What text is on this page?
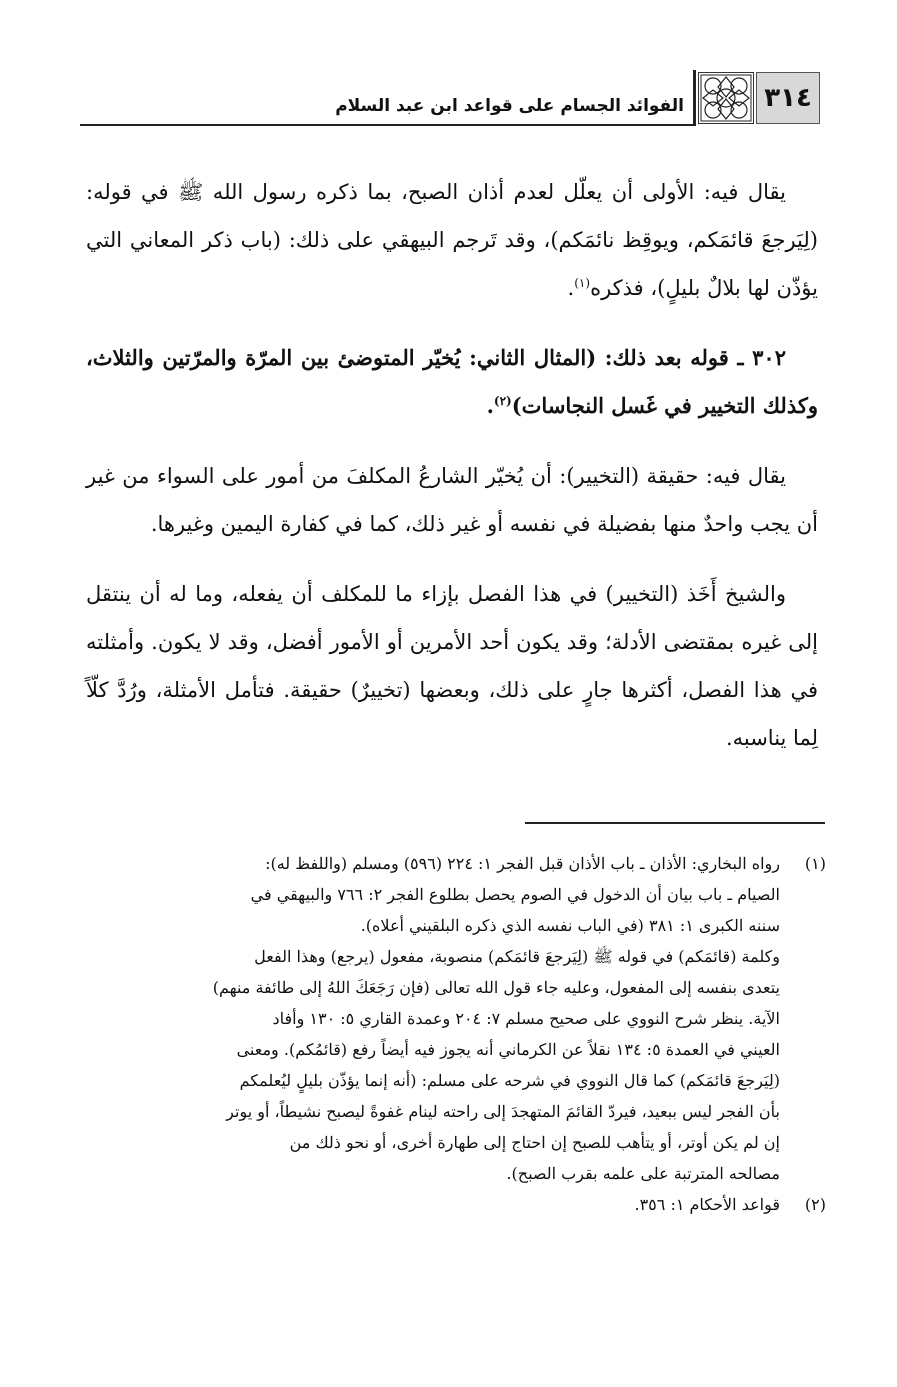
٣١٤
الفوائد الجسام على قواعد ابن عبد السلام

يقال فيه: الأولى أن يعلّل لعدم أذان الصبح، بما ذكره رسول الله ﷺ في قوله: (لِيَرجعَ قائمَكم، ويوقِظ نائمَكم)، وقد تَرجم البيهقي على ذلك: (باب ذكر المعاني التي يؤذّن لها بلالٌ بليلٍ)، فذكره$^{(١)}$.

٣٠٢ ـ قوله بعد ذلك: (المثال الثاني: يُخيّر المتوضئ بين المرّة والمرّتين والثلاث، وكذلك التخيير في غَسل النجاسات)$^{(٢)}$.

يقال فيه: حقيقة (التخيير): أن يُخيّر الشارعُ المكلفَ من أمور على السواء من غير أن يجب واحدٌ منها بفضيلة في نفسه أو غير ذلك، كما في كفارة اليمين وغيرها.

والشيخ أَخَذ (التخيير) في هذا الفصل بإزاء ما للمكلف أن يفعله، وما له أن ينتقل إلى غيره بمقتضى الأدلة؛ وقد يكون أحد الأمرين أو الأمور أفضل، وقد لا يكون. وأمثلته في هذا الفصل، أكثرها جارٍ على ذلك، وبعضها (تخييرٌ) حقيقة. فتأمل الأمثلة، ورُدَّ كلّاً لِما يناسبه.

(١)
رواه البخاري: الأذان ـ باب الأذان قبل الفجر ١: ٢٢٤ (٥٩٦) ومسلم (واللفظ له):
الصيام ـ باب بيان أن الدخول في الصوم يحصل بطلوع الفجر ٢: ٧٦٦ والبيهقي في
سننه الكبرى ١: ٣٨١ (في الباب نفسه الذي ذكره البلقيني أعلاه).
وكلمة (قائمَكم) في قوله ﷺ (لِيَرجعَ قائمَكم) منصوبة، مفعول (يرجع) وهذا الفعل
يتعدى بنفسه إلى المفعول، وعليه جاء قول الله تعالى (فإن رَجَعَكَ اللهُ إلى طائفة منهم)
الآية. ينظر شرح النووي على صحيح مسلم ٧: ٢٠٤ وعمدة القاري ٥: ١٣٠ وأفاد
العيني في العمدة ٥: ١٣٤ نقلاً عن الكرماني أنه يجوز فيه أيضاً رفع (قائمُكم). ومعنى
(لِيَرجعَ قائمَكم) كما قال النووي في شرحه على مسلم: (أنه إنما يؤذّن بليلٍ ليُعلمكم
بأن الفجر ليس ببعيد، فيردّ القائمَ المتهجدَ إلى راحته لينام غفوةً ليصبح نشيطاً، أو يوتر
إن لم يكن أوتر، أو يتأهب للصبح إن احتاج إلى طهارة أخرى، أو نحو ذلك من
مصالحه المترتبة على علمه بقرب الصبح).
(٢)
قواعد الأحكام ١: ٣٥٦.
